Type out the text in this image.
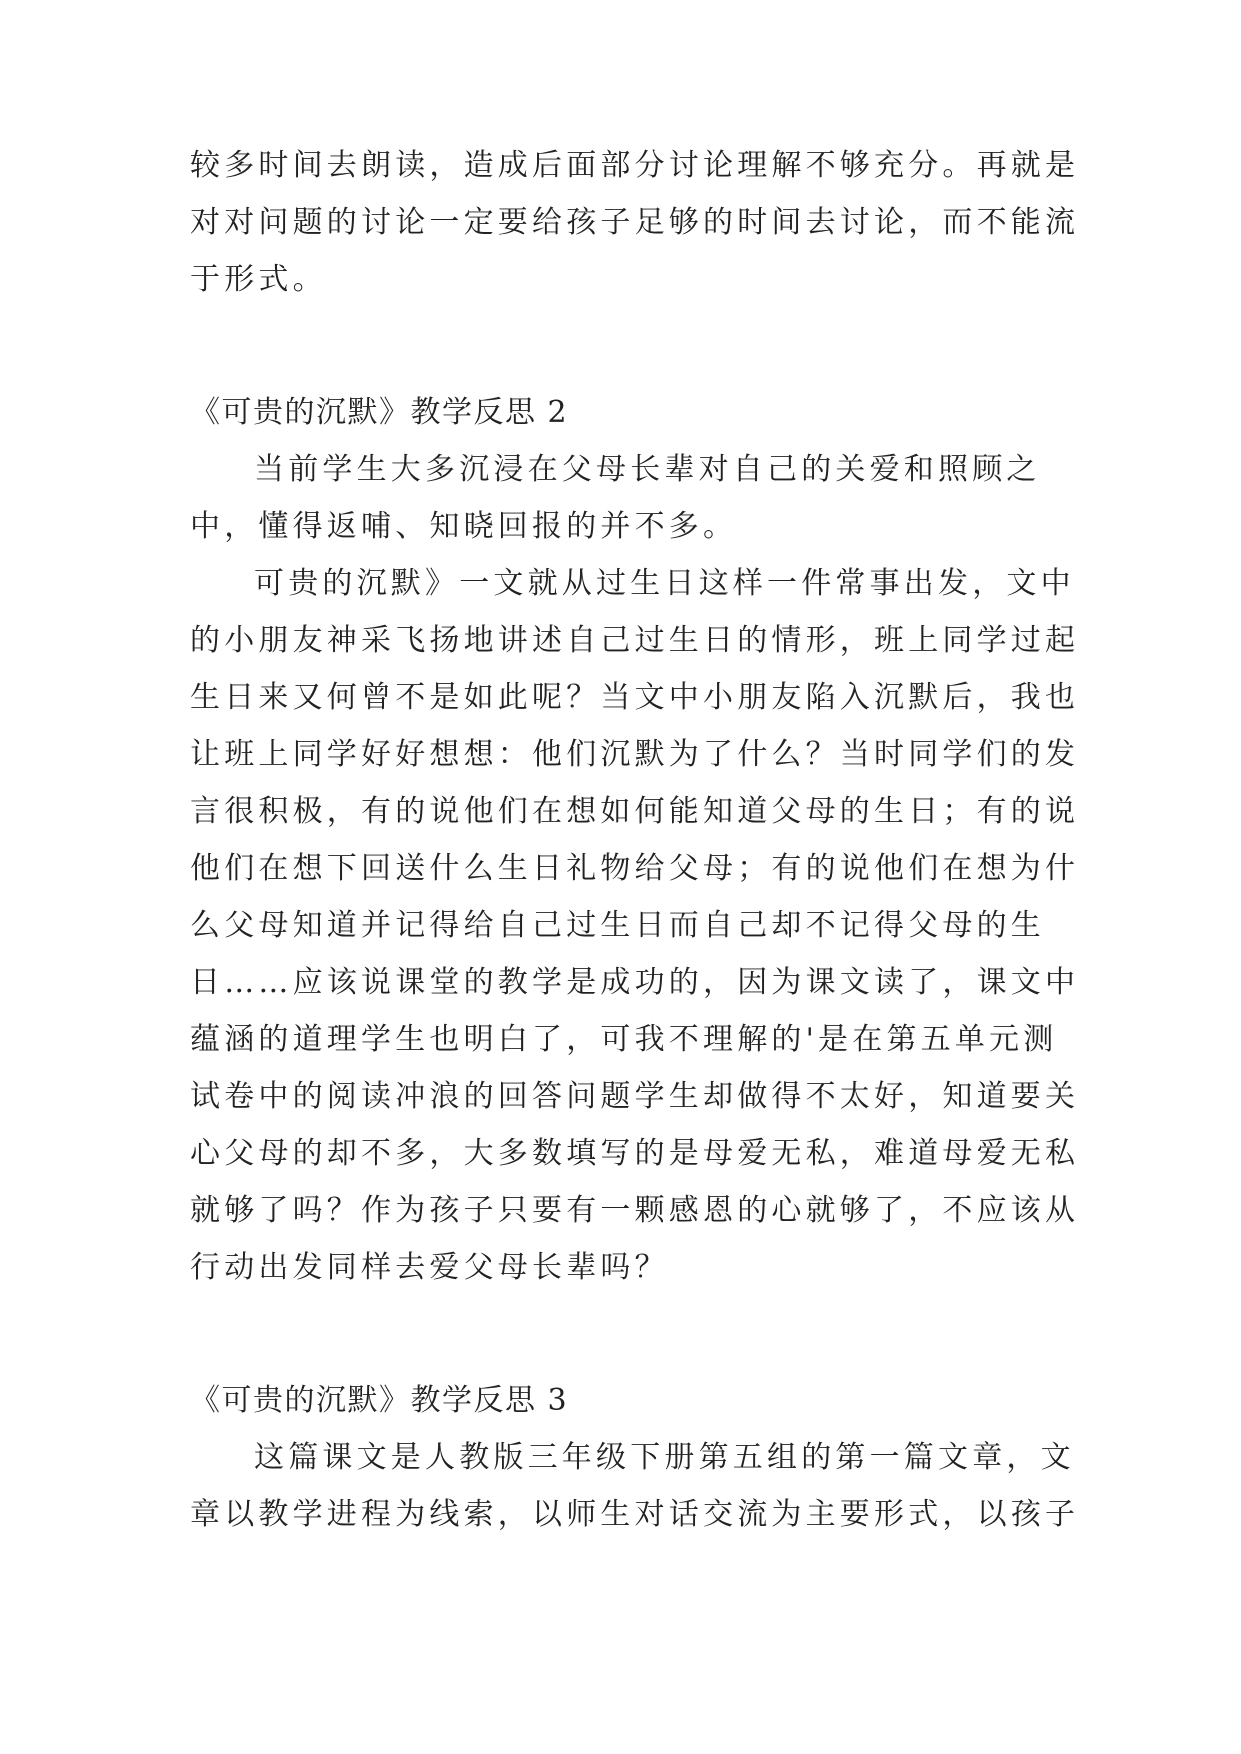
较多时间去朗读，造成后面部分讨论理解不够充分。再就是
对对问题的讨论一定要给孩子足够的时间去讨论，而不能流
于形式。
《可贵的沉默》教学反思 2
当前学生大多沉浸在父母长辈对自己的关爱和照顾之
中，懂得返哺、知晓回报的并不多。
可贵的沉默》一文就从过生日这样一件常事出发，文中
的小朋友神采飞扬地讲述自己过生日的情形，班上同学过起
生日来又何曾不是如此呢？当文中小朋友陷入沉默后，我也
让班上同学好好想想：他们沉默为了什么？当时同学们的发
言很积极，有的说他们在想如何能知道父母的生日；有的说
他们在想下回送什么生日礼物给父母；有的说他们在想为什
么父母知道并记得给自己过生日而自己却不记得父母的生
日……应该说课堂的教学是成功的，因为课文读了，课文中
蕴涵的道理学生也明白了，可我不理解的'是在第五单元测
试卷中的阅读冲浪的回答问题学生却做得不太好，知道要关
心父母的却不多，大多数填写的是母爱无私，难道母爱无私
就够了吗？作为孩子只要有一颗感恩的心就够了，不应该从
行动出发同样去爱父母长辈吗？
《可贵的沉默》教学反思 3
这篇课文是人教版三年级下册第五组的第一篇文章，文
章以教学进程为线索，以师生对话交流为主要形式，以孩子
